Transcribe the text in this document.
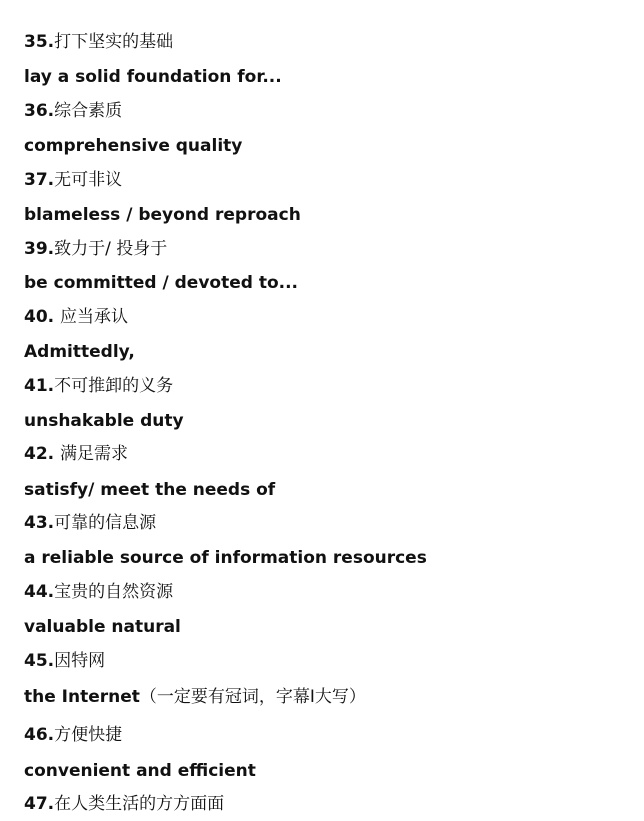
35.打下坚实的基础
lay a solid foundation for...
36.综合素质
comprehensive quality
37.无可非议
blameless / beyond reproach
39.致力于/ 投身于
be committed / devoted to...
40. 应当承认
Admittedly,
41.不可推卸的义务
unshakable duty
42. 满足需求
satisfy/ meet the needs of
43.可靠的信息源
a reliable source of information resources
44.宝贵的自然资源
valuable natural
45.因特网
the Internet（一定要有冠词，字幕I大写）
46.方便快捷
convenient and efficient
47.在人类生活的方方面面
